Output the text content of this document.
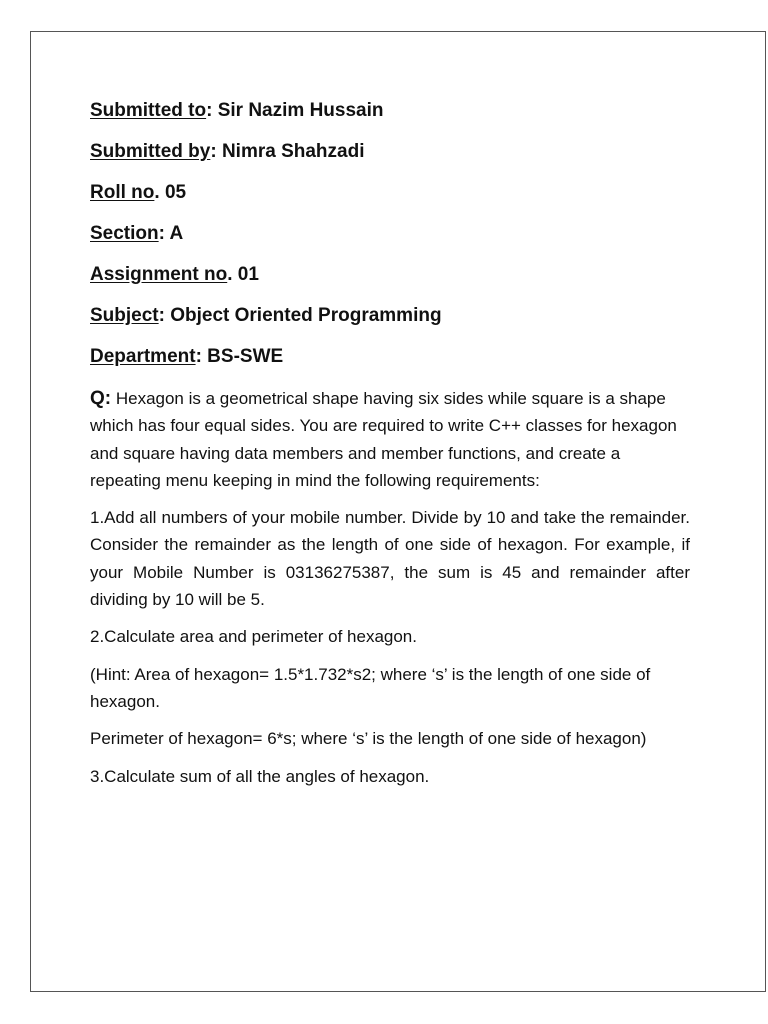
Submitted to: Sir Nazim Hussain

Submitted by: Nimra Shahzadi

Roll no. 05

Section: A

Assignment no. 01

Subject: Object Oriented Programming

Department: BS-SWE

Q: Hexagon is a geometrical shape having six sides while square is a shape which has four equal sides. You are required to write C++ classes for hexagon and square having data members and member functions, and create a repeating menu keeping in mind the following requirements:

1.Add all numbers of your mobile number. Divide by 10 and take the remainder. Consider the remainder as the length of one side of hexagon. For example, if your Mobile Number is 03136275387, the sum is 45 and remainder after dividing by 10 will be 5.

2.Calculate area and perimeter of hexagon.

(Hint: Area of hexagon= 1.5*1.732*s2; where ‘s’ is the length of one side of hexagon.

Perimeter of hexagon= 6*s; where ‘s’ is the length of one side of hexagon)

3.Calculate sum of all the angles of hexagon.
